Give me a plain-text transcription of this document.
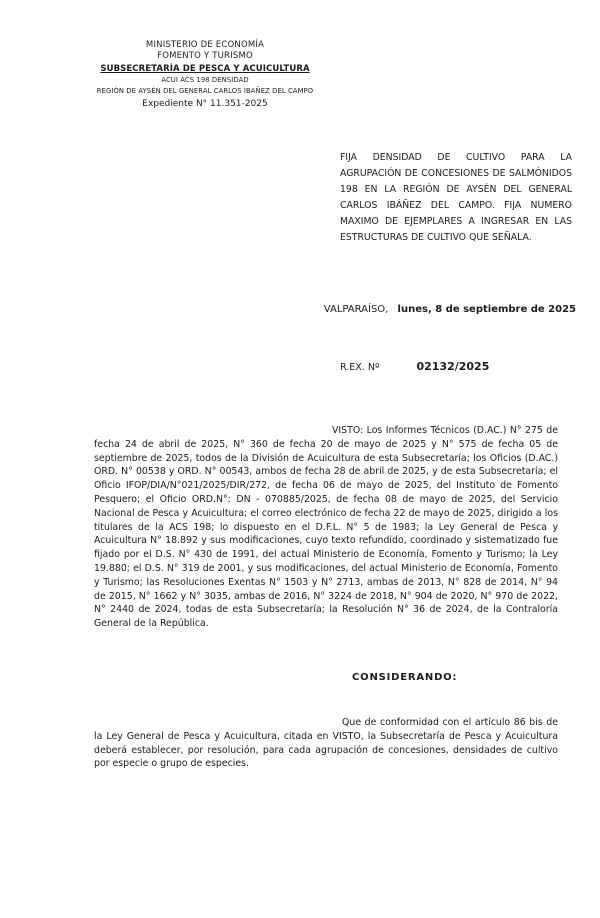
MINISTERIO DE ECONOMÍA
FOMENTO Y TURISMO
SUBSECRETARÍA DE PESCA Y ACUICULTURA
ACUI ACS 198 DENSIDAD
REGIÓN DE AYSÉN DEL GENERAL CARLOS IBAÑEZ DEL CAMPO
Expediente N° 11.351-2025
FIJA DENSIDAD DE CULTIVO PARA LA AGRUPACIÓN DE CONCESIONES DE SALMÓNIDOS 198 EN LA REGIÓN DE AYSÉN DEL GENERAL CARLOS IBÁÑEZ DEL CAMPO. FIJA NUMERO MAXIMO DE EJEMPLARES A INGRESAR EN LAS ESTRUCTURAS DE CULTIVO QUE SEÑALA.
VALPARAÍSO, lunes, 8 de septiembre de 2025
R.EX. Nº	02132/2025
VISTO: Los Informes Técnicos (D.AC.) N° 275 de fecha 24 de abril de 2025, N° 360 de fecha 20 de mayo de 2025 y N° 575 de fecha 05 de septiembre de 2025, todos de la División de Acuicultura de esta Subsecretaría; los Oficios (D.AC.) ORD. N° 00538 y ORD. N° 00543, ambos de fecha 28 de abril de 2025, y de esta Subsecretaría; el Oficio IFOP/DIA/N°021/2025/DIR/272, de fecha 06 de mayo de 2025, del Instituto de Fomento Pesquero; el Oficio ORD.N°: DN - 070885/2025, de fecha 08 de mayo de 2025, del Servicio Nacional de Pesca y Acuicultura; el correo electrónico de fecha 22 de mayo de 2025, dirigido a los titulares de la ACS 198; lo dispuesto en el D.F.L. N° 5 de 1983; la Ley General de Pesca y Acuicultura N° 18.892 y sus modificaciones, cuyo texto refundido, coordinado y sistematizado fue fijado por el D.S. N° 430 de 1991, del actual Ministerio de Economía, Fomento y Turismo; la Ley 19.880; el D.S. N° 319 de 2001, y sus modificaciones, del actual Ministerio de Economía, Fomento y Turismo; las Resoluciones Exentas N° 1503 y N° 2713, ambas de 2013, N° 828 de 2014, N° 94 de 2015, N° 1662 y N° 3035, ambas de 2016, N° 3224 de 2018, N° 904 de 2020, N° 970 de 2022, N° 2440 de 2024, todas de esta Subsecretaría; la Resolución N° 36 de 2024, de la Contraloría General de la República.
CONSIDERANDO:
Que de conformidad con el artículo 86 bis de la Ley General de Pesca y Acuicultura, citada en VISTO, la Subsecretaría de Pesca y Acuicultura deberá establecer, por resolución, para cada agrupación de concesiones, densidades de cultivo por especie o grupo de especies.
